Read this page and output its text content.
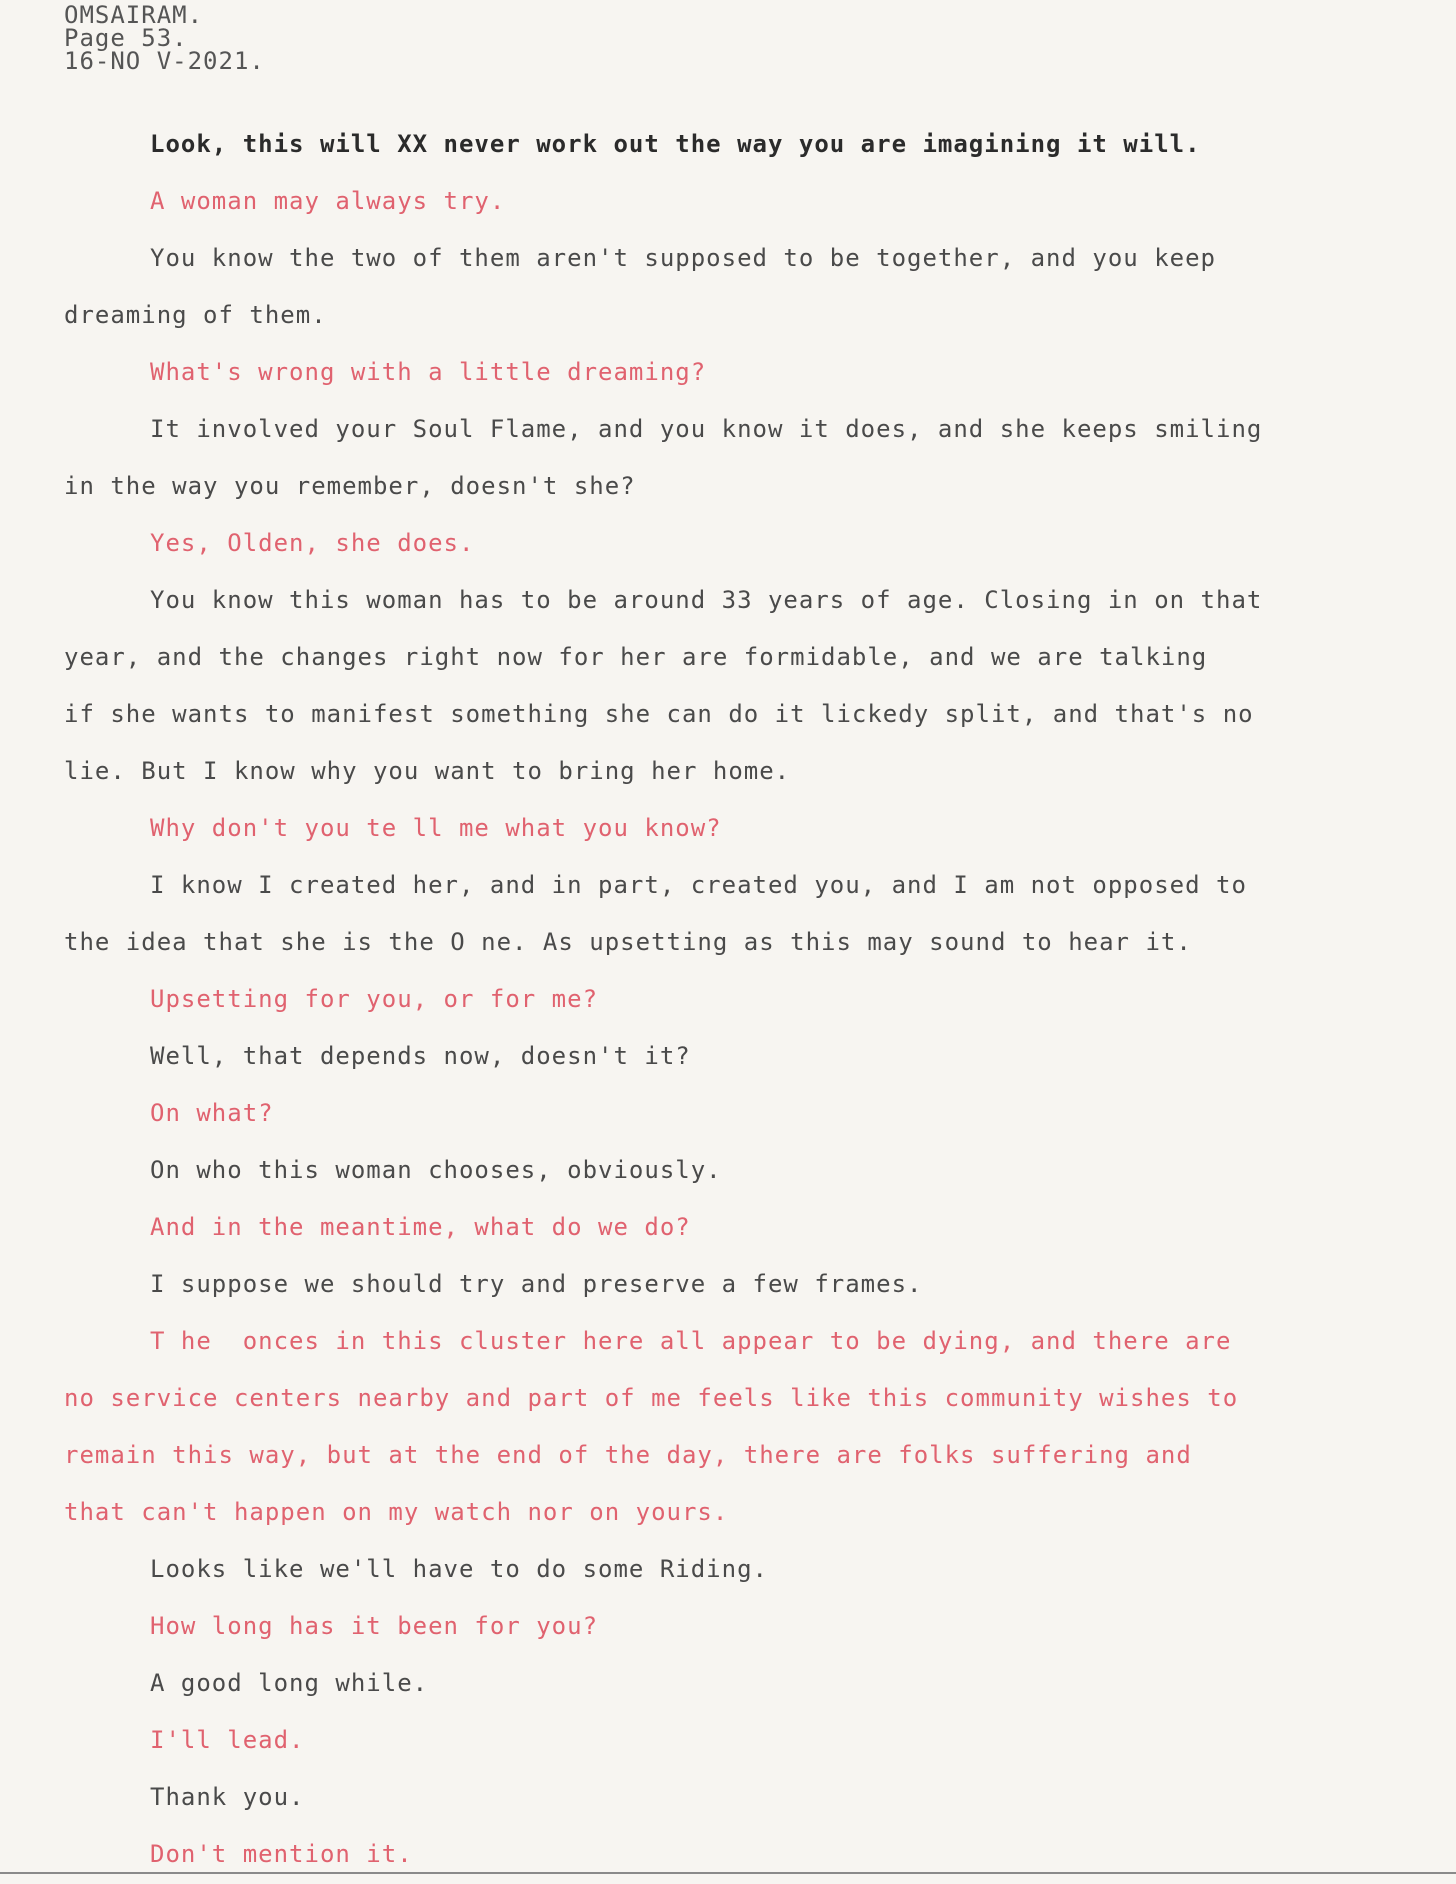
OMSAIRAM.
Page 53.
16-NO V-2021.
Look, this will XX never work out the way you are imagining it will.
A woman may always try.
You know the two of them aren't supposed to be together, and you keep
dreaming of them.
What's wrong with a little dreaming?
It involved your Soul Flame, and you know it does, and she keeps smiling
in the way you remember, doesn't she?
Yes, Olden, she does.
You know this woman has to be around 33 years of age. Closing in on that
year, and the changes right now for her are formidable, and we are talking
if she wants to manifest something she can do it lickedy split, and that's no
lie. But I know why you want to bring her home.
Why don't you te ll me what you know?
I know I created her, and in part, created you, and I am not opposed to
the idea that she is the O ne. As upsetting as this may sound to hear it.
Upsetting for you, or for me?
Well, that depends now, doesn't it?
On what?
On who this woman chooses, obviously.
And in the meantime, what do we do?
I suppose we should try and preserve a few frames.
T he  onces in this cluster here all appear to be dying, and there are
no service centers nearby and part of me feels like this community wishes to
remain this way, but at the end of the day, there are folks suffering and
that can't happen on my watch nor on yours.
Looks like we'll have to do some Riding.
How long has it been for you?
A good long while.
I'll lead.
Thank you.
Don't mention it.
